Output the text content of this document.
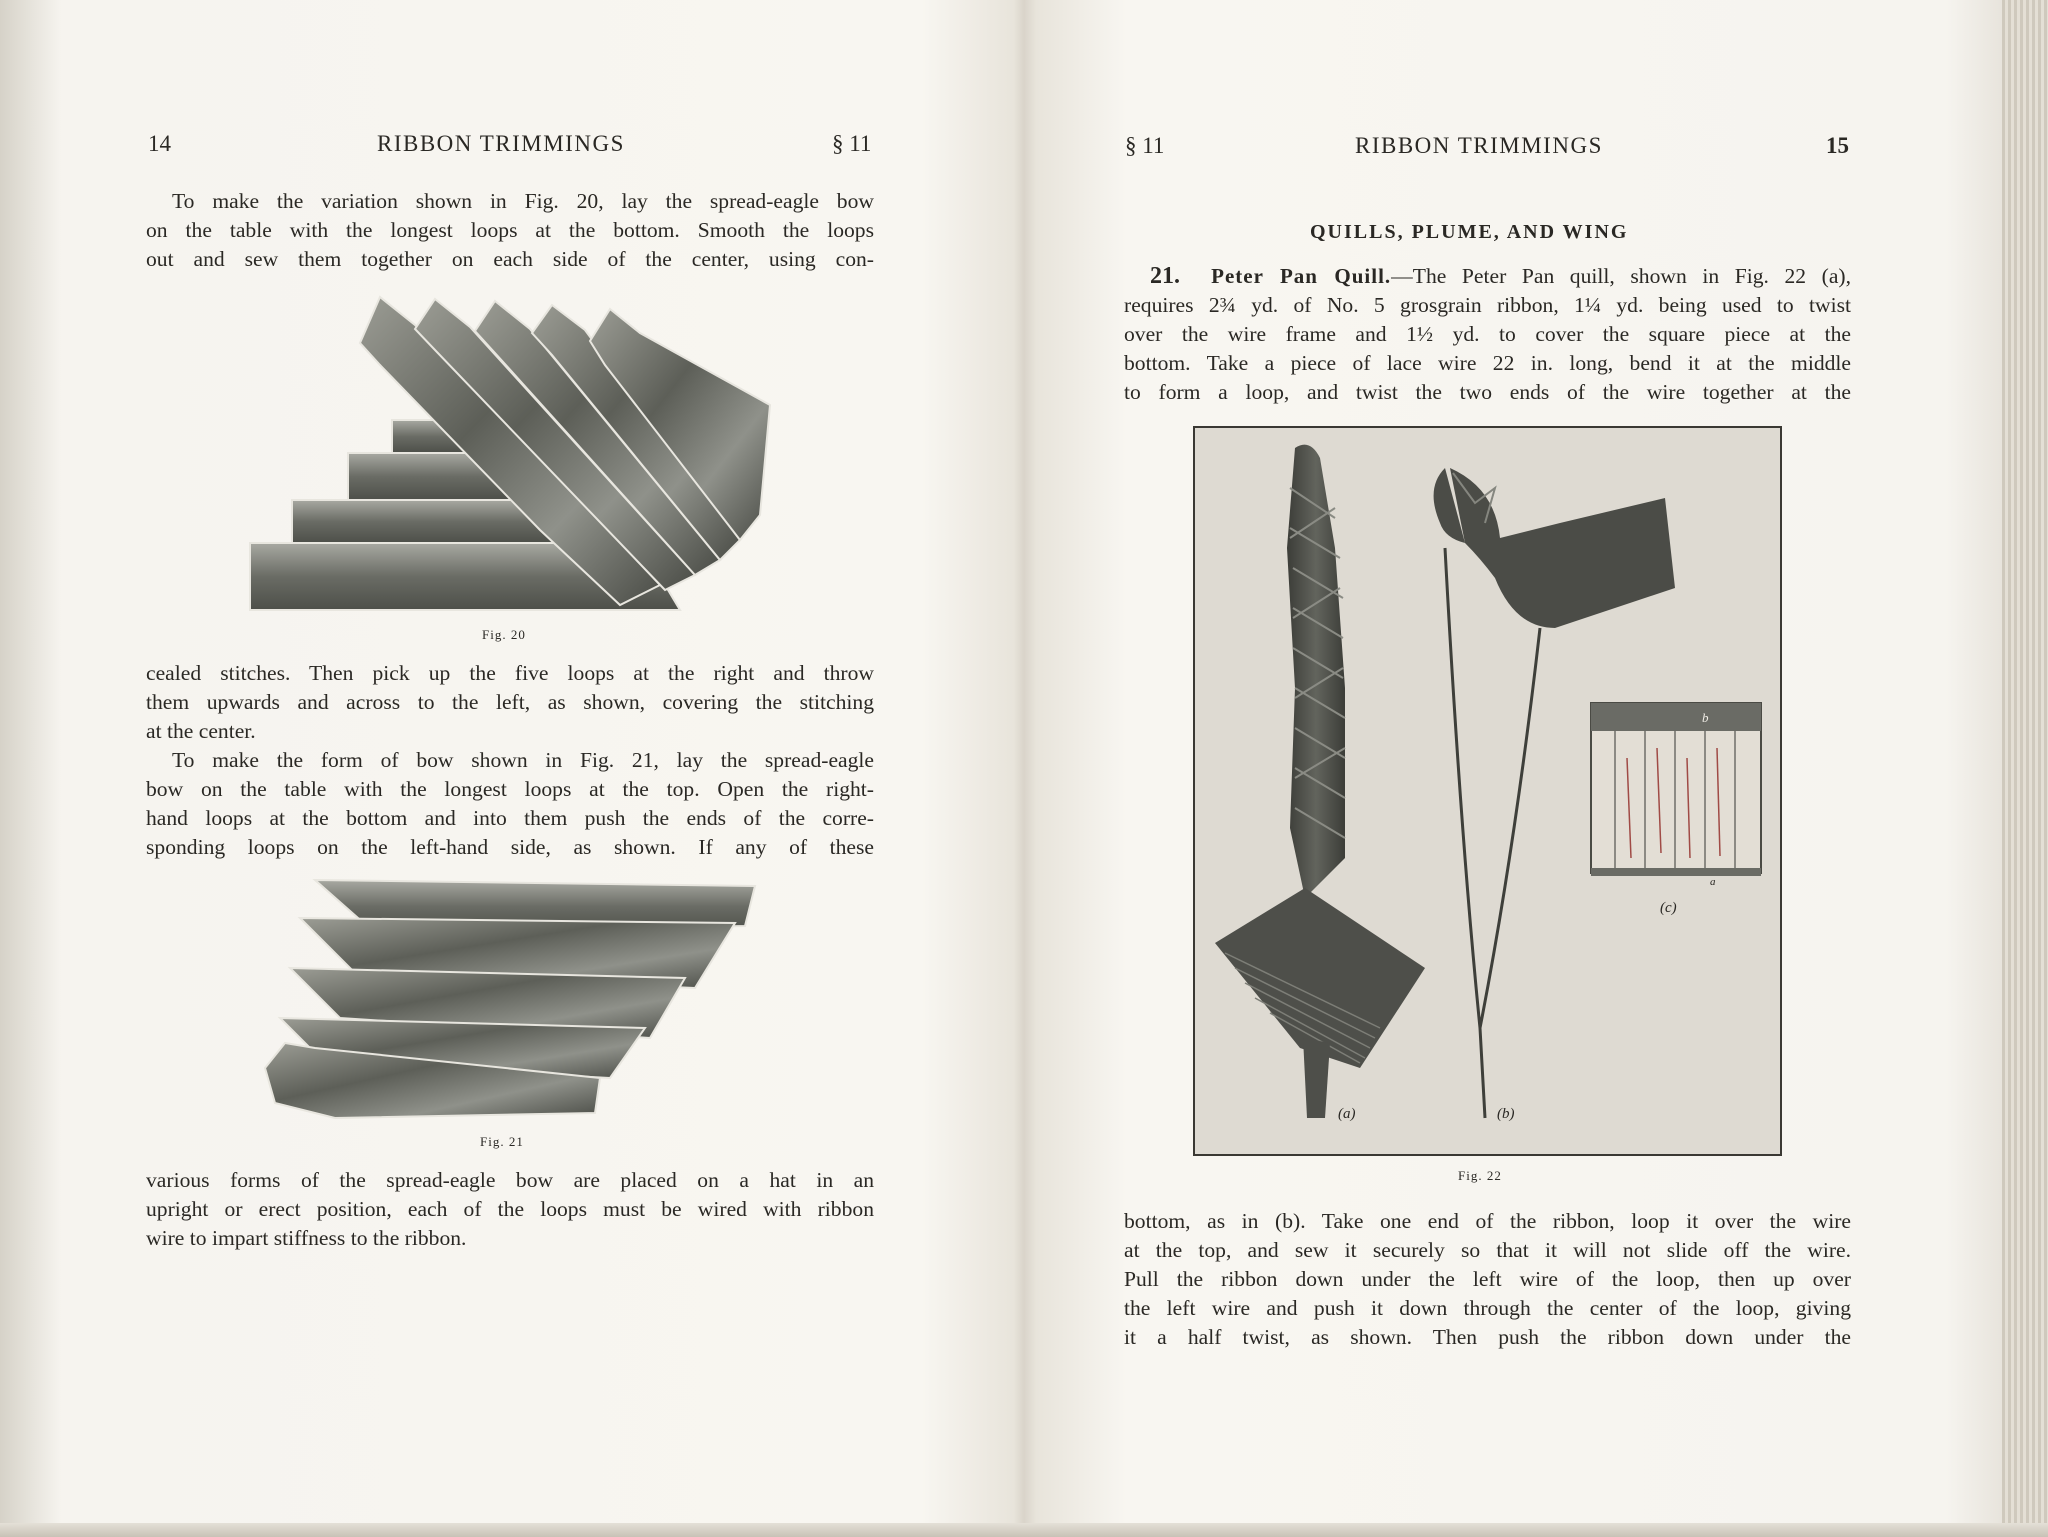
14	RIBBON TRIMMINGS	§ 11
To make the variation shown in Fig. 20, lay the spread-eagle bow
on the table with the longest loops at the bottom. Smooth the loops
out and sew them together on each side of the center, using con-
Fig. 20
cealed stitches. Then pick up the five loops at the right and throw
them upwards and across to the left, as shown, covering the stitching
at the center.
To make the form of bow shown in Fig. 21, lay the spread-eagle
bow on the table with the longest loops at the top. Open the right-
hand loops at the bottom and into them push the ends of the corre-
sponding loops on the left-hand side, as shown. If any of these
Fig. 21
various forms of the spread-eagle bow are placed on a hat in an
upright or erect position, each of the loops must be wired with ribbon
wire to impart stiffness to the ribbon.
§ 11	RIBBON TRIMMINGS	15
QUILLS, PLUME, AND WING
21. Peter Pan Quill.—The Peter Pan quill, shown in Fig. 22 (a),
requires 2¾ yd. of No. 5 grosgrain ribbon, 1¼ yd. being used to twist
over the wire frame and 1½ yd. to cover the square piece at the
bottom. Take a piece of lace wire 22 in. long, bend it at the middle
to form a loop, and twist the two ends of the wire together at the
(a)	(b)
(c)
b
a
Fig. 22
bottom, as in (b). Take one end of the ribbon, loop it over the wire
at the top, and sew it securely so that it will not slide off the wire.
Pull the ribbon down under the left wire of the loop, then up over
the left wire and push it down through the center of the loop, giving
it a half twist, as shown. Then push the ribbon down under the
